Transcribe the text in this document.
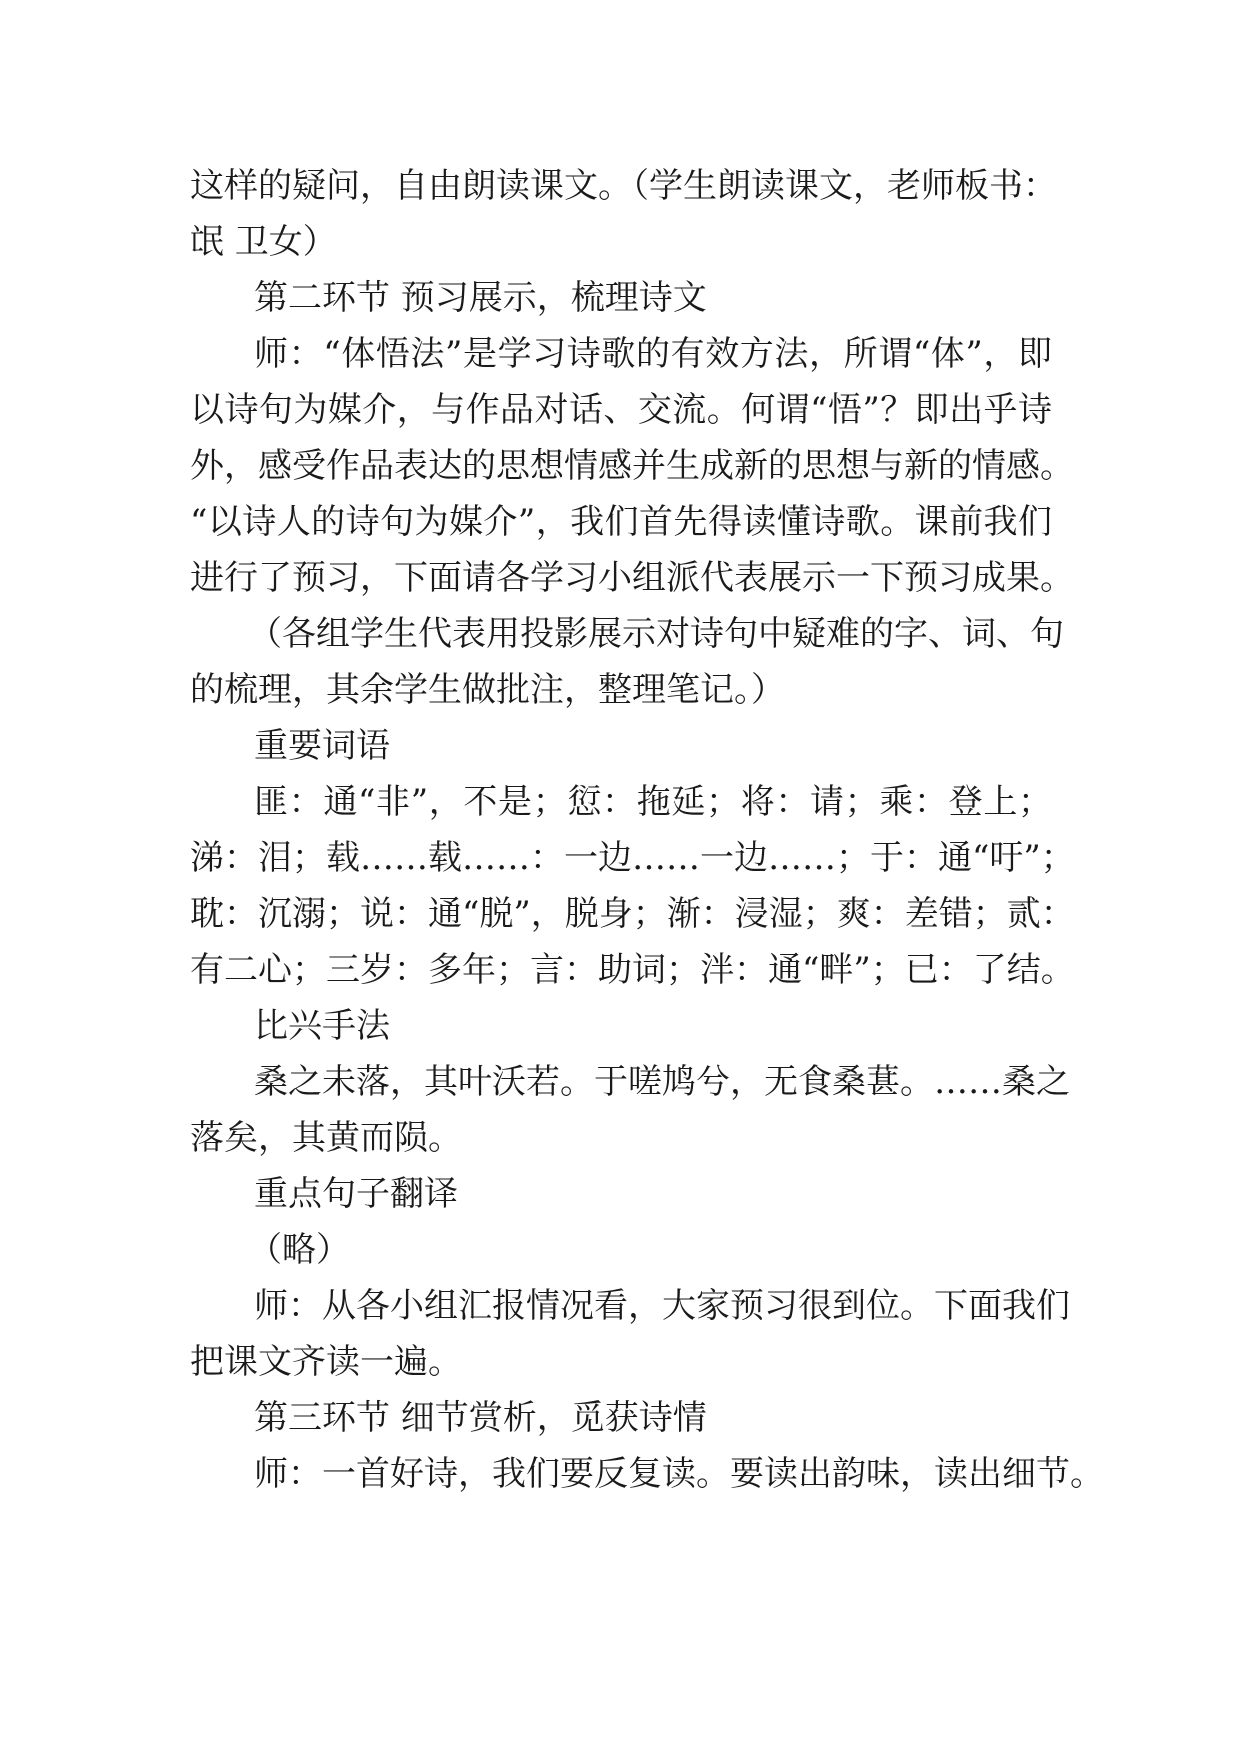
这样的疑问，自由朗读课文。（学生朗读课文，老师板书：
氓 卫女）
第二环节 预习展示，梳理诗文
师：“体悟法”是学习诗歌的有效方法，所谓“体”，即
以诗句为媒介，与作品对话、交流。何谓“悟”？即出乎诗
外，感受作品表达的思想情感并生成新的思想与新的情感。
“以诗人的诗句为媒介”，我们首先得读懂诗歌。课前我们
进行了预习，下面请各学习小组派代表展示一下预习成果。
（各组学生代表用投影展示对诗句中疑难的字、词、句
的梳理，其余学生做批注，整理笔记。）
重要词语
匪：通“非”，不是；愆：拖延；将：请；乘：登上；
涕：泪；载……载……：一边……一边……；于：通“吁”；
耽：沉溺；说：通“脱”，脱身；渐：浸湿；爽：差错；贰：
有二心；三岁：多年；言：助词；泮：通“畔”；已：了结。
比兴手法
桑之未落，其叶沃若。于嗟鸠兮，无食桑葚。……桑之
落矣，其黄而陨。
重点句子翻译
（略）
师：从各小组汇报情况看，大家预习很到位。下面我们
把课文齐读一遍。
第三环节 细节赏析，觅获诗情
师：一首好诗，我们要反复读。要读出韵味，读出细节。
